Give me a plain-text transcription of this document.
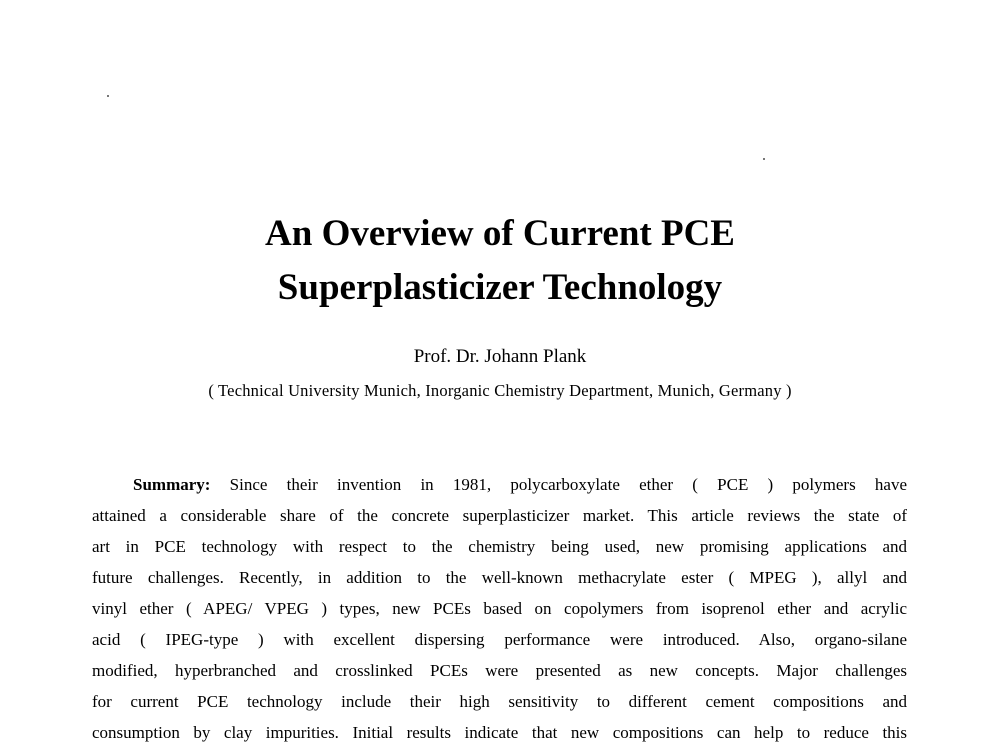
An Overview of Current PCE
Superplasticizer Technology
Prof. Dr. Johann Plank
( Technical University Munich, Inorganic Chemistry Department, Munich, Germany )
Summary: Since their invention in 1981, polycarboxylate ether ( PCE ) polymers have
attained a considerable share of the concrete superplasticizer market. This article reviews the state of
art in PCE technology with respect to the chemistry being used, new promising applications and
future challenges. Recently, in addition to the well-known methacrylate ester ( MPEG ), allyl and
vinyl ether ( APEG/ VPEG ) types, new PCEs based on copolymers from isoprenol ether and acrylic
acid ( IPEG-type ) with excellent dispersing performance were introduced. Also, organo-silane
modified, hyperbranched and crosslinked PCEs were presented as new concepts. Major challenges
for current PCE technology include their high sensitivity to different cement compositions and
consumption by clay impurities. Initial results indicate that new compositions can help to reduce this
